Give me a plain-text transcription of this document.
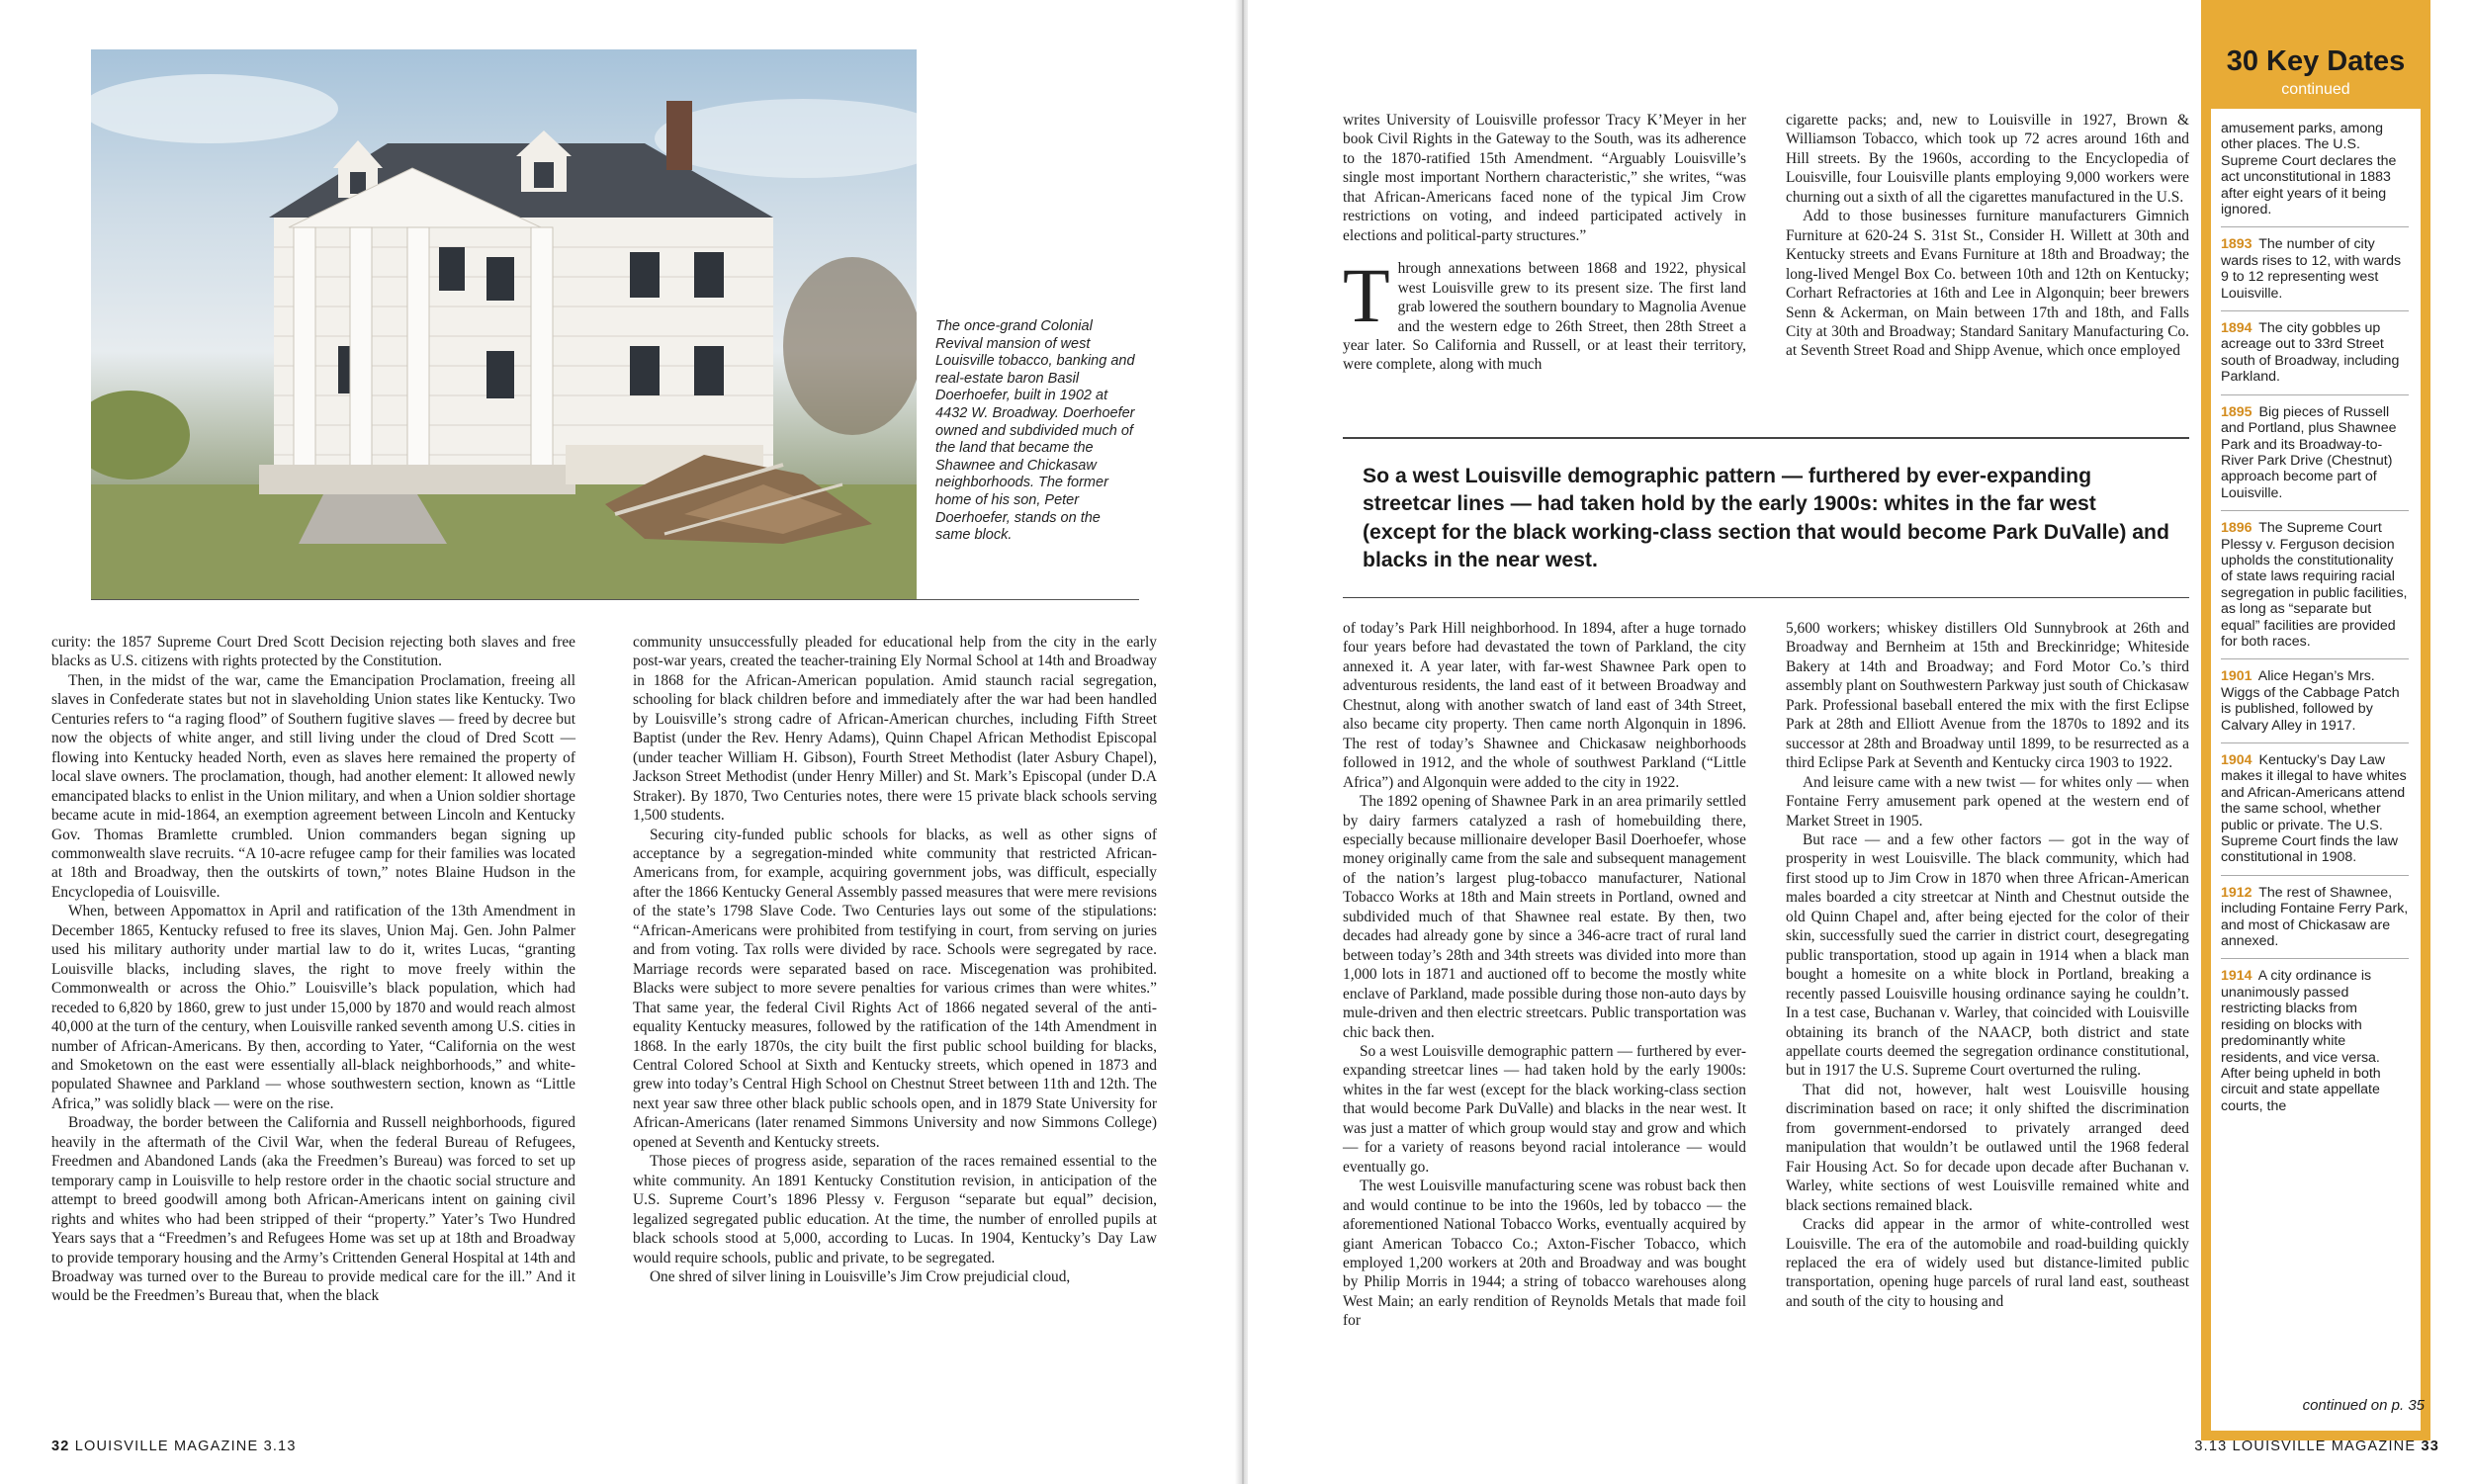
The once-grand Colonial Revival mansion of west Louisville tobacco, banking and real-estate baron Basil Doerhoefer, built in 1902 at 4432 W. Broadway. Doerhoefer owned and subdivided much of the land that became the Shawnee and Chickasaw neighborhoods. The former home of his son, Peter Doerhoefer, stands on the same block.

curity: the 1857 Supreme Court Dred Scott Decision rejecting both slaves and free blacks as U.S. citizens with rights protected by the Constitution.

Then, in the midst of the war, came the Emancipation Proclamation, freeing all slaves in Confederate states but not in slaveholding Union states like Kentucky. Two Centuries refers to “a raging flood” of Southern fugitive slaves — freed by decree but now the objects of white anger, and still living under the cloud of Dred Scott — flowing into Kentucky headed North, even as slaves here remained the property of local slave owners. The proclamation, though, had another element: It allowed newly emancipated blacks to enlist in the Union military, and when a Union soldier shortage became acute in mid-1864, an exemption agreement between Lincoln and Kentucky Gov. Thomas Bramlette crumbled. Union commanders began signing up commonwealth slave recruits. “A 10-acre refugee camp for their families was located at 18th and Broadway, then the outskirts of town,” notes Blaine Hudson in the Encyclopedia of Louisville.

When, between Appomattox in April and ratification of the 13th Amendment in December 1865, Kentucky refused to free its slaves, Union Maj. Gen. John Palmer used his military authority under martial law to do it, writes Lucas, “granting Louisville blacks, including slaves, the right to move freely within the Commonwealth or across the Ohio.” Louisville’s black population, which had receded to 6,820 by 1860, grew to just under 15,000 by 1870 and would reach almost 40,000 at the turn of the century, when Louisville ranked seventh among U.S. cities in number of African-Americans. By then, according to Yater, “California on the west and Smoketown on the east were essentially all-black neighborhoods,” and white-populated Shawnee and Parkland — whose southwestern section, known as “Little Africa,” was solidly black — were on the rise.

Broadway, the border between the California and Russell neighborhoods, figured heavily in the aftermath of the Civil War, when the federal Bureau of Refugees, Freedmen and Abandoned Lands (aka the Freedmen’s Bureau) was forced to set up temporary camp in Louisville to help restore order in the chaotic social structure and attempt to breed goodwill among both African-Americans intent on gaining civil rights and whites who had been stripped of their “property.” Yater’s Two Hundred Years says that a “Freedmen’s and Refugees Home was set up at 18th and Broadway to provide temporary housing and the Army’s Crittenden General Hospital at 14th and Broadway was turned over to the Bureau to provide medical care for the ill.” And it would be the Freedmen’s Bureau that, when the black

community unsuccessfully pleaded for educational help from the city in the early post-war years, created the teacher-training Ely Normal School at 14th and Broadway in 1868 for the African-American population. Amid staunch racial segregation, schooling for black children before and immediately after the war had been handled by Louisville’s strong cadre of African-American churches, including Fifth Street Baptist (under the Rev. Henry Adams), Quinn Chapel African Methodist Episcopal (under teacher William H. Gibson), Fourth Street Methodist (later Asbury Chapel), Jackson Street Methodist (under Henry Miller) and St. Mark’s Episcopal (under D.A Straker). By 1870, Two Centuries notes, there were 15 private black schools serving 1,500 students.

Securing city-funded public schools for blacks, as well as other signs of acceptance by a segregation-minded white community that restricted African-Americans from, for example, acquiring government jobs, was difficult, especially after the 1866 Kentucky General Assembly passed measures that were mere revisions of the state’s 1798 Slave Code. Two Centuries lays out some of the stipulations: “African-Americans were prohibited from testifying in court, from serving on juries and from voting. Tax rolls were divided by race. Schools were segregated by race. Marriage records were separated based on race. Miscegenation was prohibited. Blacks were subject to more severe penalties for various crimes than were whites.” That same year, the federal Civil Rights Act of 1866 negated several of the anti-equality Kentucky measures, followed by the ratification of the 14th Amendment in 1868. In the early 1870s, the city built the first public school building for blacks, Central Colored School at Sixth and Kentucky streets, which opened in 1873 and grew into today’s Central High School on Chestnut Street between 11th and 12th. The next year saw three other black public schools open, and in 1879 State University for African-Americans (later renamed Simmons University and now Simmons College) opened at Seventh and Kentucky streets.

Those pieces of progress aside, separation of the races remained essential to the white community. An 1891 Kentucky Constitution revision, in anticipation of the U.S. Supreme Court’s 1896 Plessy v. Ferguson “separate but equal” decision, legalized segregated public education. At the time, the number of enrolled pupils at black schools stood at 5,000, according to Lucas. In 1904, Kentucky’s Day Law would require schools, public and private, to be segregated.

One shred of silver lining in Louisville’s Jim Crow prejudicial cloud,

32 LOUISVILLE MAGAZINE 3.13

writes University of Louisville professor Tracy K’Meyer in her book Civil Rights in the Gateway to the South, was its adherence to the 1870-ratified 15th Amendment. “Arguably Louisville’s single most important Northern characteristic,” she writes, “was that African-Americans faced none of the typical Jim Crow restrictions on voting, and indeed participated actively in elections and political-party structures.”

T hrough annexations between 1868 and 1922, physical west Louisville grew to its present size. The first land grab lowered the southern boundary to Magnolia Avenue and the western edge to 26th Street, then 28th Street a year later. So California and Russell, or at least their territory, were complete, along with much

cigarette packs; and, new to Louisville in 1927, Brown & Williamson Tobacco, which took up 72 acres around 16th and Hill streets. By the 1960s, according to the Encyclopedia of Louisville, four Louisville plants employing 9,000 workers were churning out a sixth of all the cigarettes manufactured in the U.S.

Add to those businesses furniture manufacturers Gimnich Furniture at 620-24 S. 31st St., Consider H. Willett at 30th and Kentucky streets and Evans Furniture at 18th and Broadway; the long-lived Mengel Box Co. between 10th and 12th on Kentucky; Corhart Refractories at 16th and Lee in Algonquin; beer brewers Senn & Ackerman, on Main between 17th and 18th, and Falls City at 30th and Broadway; Standard Sanitary Manufacturing Co. at Seventh Street Road and Shipp Avenue, which once employed

So a west Louisville demographic pattern — furthered by ever-expanding streetcar lines — had taken hold by the early 1900s: whites in the far west (except for the black working-class section that would become Park DuValle) and blacks in the near west.

of today’s Park Hill neighborhood. In 1894, after a huge tornado four years before had devastated the town of Parkland, the city annexed it. A year later, with far-west Shawnee Park open to adventurous residents, the land east of it between Broadway and Chestnut, along with another swatch of land east of 34th Street, also became city property. Then came north Algonquin in 1896. The rest of today’s Shawnee and Chickasaw neighborhoods followed in 1912, and the whole of southwest Parkland (“Little Africa”) and Algonquin were added to the city in 1922.

The 1892 opening of Shawnee Park in an area primarily settled by dairy farmers catalyzed a rash of homebuilding there, especially because millionaire developer Basil Doerhoefer, whose money originally came from the sale and subsequent management of the nation’s largest plug-tobacco manufacturer, National Tobacco Works at 18th and Main streets in Portland, owned and subdivided much of that Shawnee real estate. By then, two decades had already gone by since a 346-acre tract of rural land between today’s 28th and 34th streets was divided into more than 1,000 lots in 1871 and auctioned off to become the mostly white enclave of Parkland, made possible during those non-auto days by mule-driven and then electric streetcars. Public transportation was chic back then.

So a west Louisville demographic pattern — furthered by ever-expanding streetcar lines — had taken hold by the early 1900s: whites in the far west (except for the black working-class section that would become Park DuValle) and blacks in the near west. It was just a matter of which group would stay and grow and which — for a variety of reasons beyond racial intolerance — would eventually go.

The west Louisville manufacturing scene was robust back then and would continue to be into the 1960s, led by tobacco — the aforementioned National Tobacco Works, eventually acquired by giant American Tobacco Co.; Axton-Fischer Tobacco, which employed 1,200 workers at 20th and Broadway and was bought by Philip Morris in 1944; a string of tobacco warehouses along West Main; an early rendition of Reynolds Metals that made foil for

5,600 workers; whiskey distillers Old Sunnybrook at 26th and Broadway and Bernheim at 15th and Breckinridge; Whiteside Bakery at 14th and Broadway; and Ford Motor Co.’s third assembly plant on Southwestern Parkway just south of Chickasaw Park. Professional baseball entered the mix with the first Eclipse Park at 28th and Elliott Avenue from the 1870s to 1892 and its successor at 28th and Broadway until 1899, to be resurrected as a third Eclipse Park at Seventh and Kentucky circa 1903 to 1922.

And leisure came with a new twist — for whites only — when Fontaine Ferry amusement park opened at the western end of Market Street in 1905.

But race — and a few other factors — got in the way of prosperity in west Louisville. The black community, which had first stood up to Jim Crow in 1870 when three African-American males boarded a city streetcar at Ninth and Chestnut outside the old Quinn Chapel and, after being ejected for the color of their skin, successfully sued the carrier in district court, desegregating public transportation, stood up again in 1914 when a black man bought a homesite on a white block in Portland, breaking a recently passed Louisville housing ordinance saying he couldn’t. In a test case, Buchanan v. Warley, that coincided with Louisville obtaining its branch of the NAACP, both district and state appellate courts deemed the segregation ordinance constitutional, but in 1917 the U.S. Supreme Court overturned the ruling.

That did not, however, halt west Louisville housing discrimination based on race; it only shifted the discrimination from government-endorsed to privately arranged deed manipulation that wouldn’t be outlawed until the 1968 federal Fair Housing Act. So for decade upon decade after Buchanan v. Warley, white sections of west Louisville remained white and black sections remained black.

Cracks did appear in the armor of white-controlled west Louisville. The era of the automobile and road-building quickly replaced the era of widely used but distance-limited public transportation, opening huge parcels of rural land east, southeast and south of the city to housing and

30 Key Dates
continued
amusement parks, among other places. The U.S. Supreme Court declares the act unconstitutional in 1883 after eight years of it being ignored.
1893 The number of city wards rises to 12, with wards 9 to 12 representing west Louisville.
1894 The city gobbles up acreage out to 33rd Street south of Broadway, including Parkland.
1895 Big pieces of Russell and Portland, plus Shawnee Park and its Broadway-to-River Park Drive (Chestnut) approach become part of Louisville.
1896 The Supreme Court Plessy v. Ferguson decision upholds the constitutionality of state laws requiring racial segregation in public facilities, as long as “separate but equal” facilities are provided for both races.
1901 Alice Hegan’s Mrs. Wiggs of the Cabbage Patch is published, followed by Calvary Alley in 1917.
1904 Kentucky’s Day Law makes it illegal to have whites and African-Americans attend the same school, whether public or private. The U.S. Supreme Court finds the law constitutional in 1908.
1912 The rest of Shawnee, including Fontaine Ferry Park, and most of Chickasaw are annexed.
1914 A city ordinance is unanimously passed restricting blacks from residing on blocks with predominantly white residents, and vice versa. After being upheld in both circuit and state appellate courts, the
continued on p. 35
3.13 LOUISVILLE MAGAZINE 33
